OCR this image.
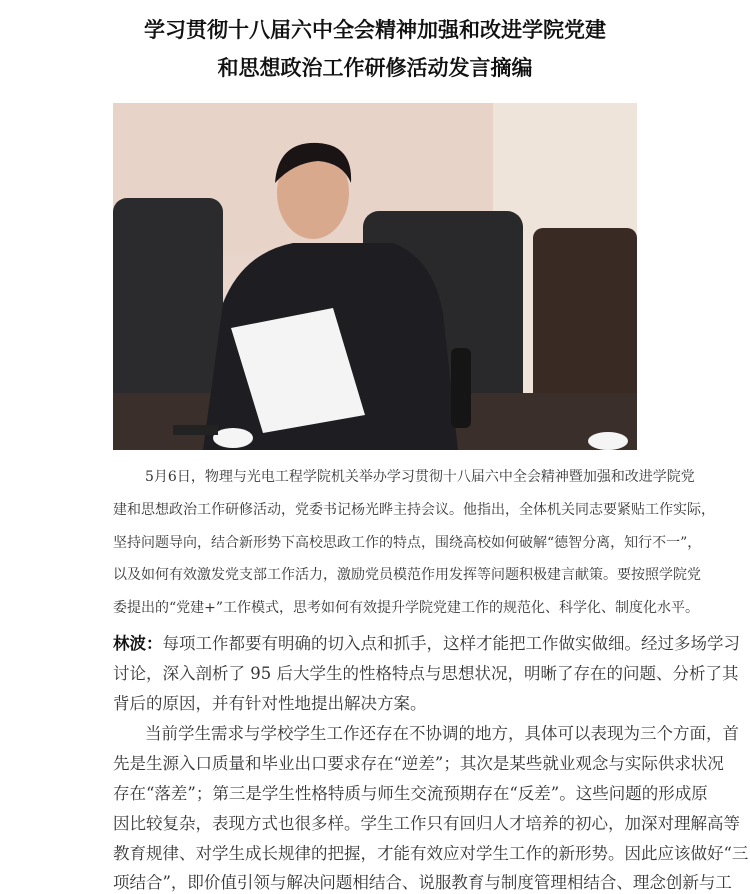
学习贯彻十八届六中全会精神加强和改进学院党建
和思想政治工作研修活动发言摘编
5月6日，物理与光电工程学院机关举办学习贯彻十八届六中全会精神暨加强和改进学院党
建和思想政治工作研修活动，党委书记杨光晔主持会议。他指出，全体机关同志要紧贴工作实际，
坚持问题导向，结合新形势下高校思政工作的特点，围绕高校如何破解“德智分离，知行不一”，
以及如何有效激发党支部工作活力，激励党员模范作用发挥等问题积极建言献策。要按照学院党
委提出的“党建+”工作模式，思考如何有效提升学院党建工作的规范化、科学化、制度化水平。
林波：每项工作都要有明确的切入点和抓手，这样才能把工作做实做细。经过多场学习
讨论，深入剖析了 95 后大学生的性格特点与思想状况，明晰了存在的问题、分析了其
背后的原因，并有针对性地提出解决方案。
当前学生需求与学校学生工作还存在不协调的地方，具体可以表现为三个方面，首
先是生源入口质量和毕业出口要求存在“逆差”；其次是某些就业观念与实际供求状况
存在“落差”；第三是学生性格特质与师生交流预期存在“反差”。这些问题的形成原
因比较复杂，表现方式也很多样。学生工作只有回归人才培养的初心，加深对理解高等
教育规律、对学生成长规律的把握，才能有效应对学生工作的新形势。因此应该做好“三
项结合”，即价值引领与解决问题相结合、说服教育与制度管理相结合、理念创新与工
